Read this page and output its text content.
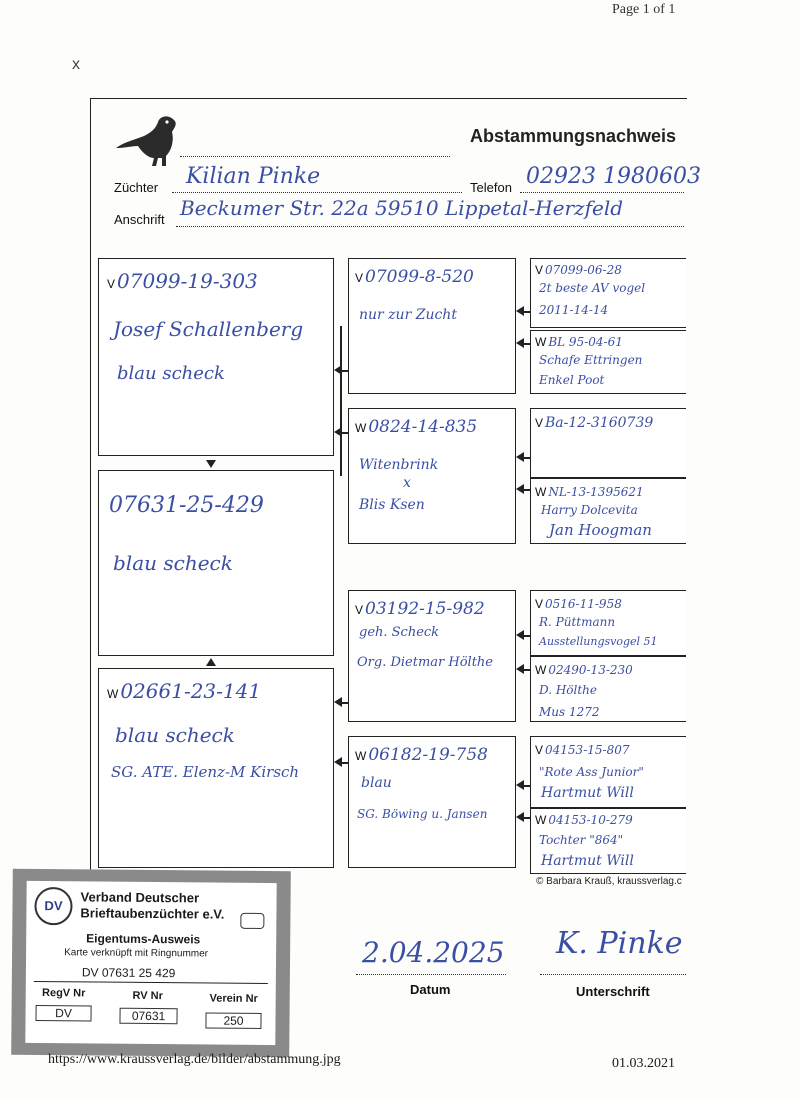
Page 1 of 1
x
Abstammungsnachweis
Züchter Kilian Pinke	Telefon 02923 1980603
Anschrift Beckumer Str. 22a 59510 Lippetal-Herzfeld
V 07099-19-303
Josef Schallenberg
blau scheck
07631-25-429
blau scheck
W 02661-23-141
blau scheck
SG. ATE. Elenz-M Kirsch
V 07099-8-520
nur zur Zucht
W 0824-14-835
Witenbrink
x
Blis Ksen
V 03192-15-982
geh. Scheck
Org. Dietmar Hölthe
W 06182-19-758
blau
SG. Böwing u. Jansen
V 07099-06-28
2t beste AV vogel
2011-14-14
W BL 95-04-61
Schafe Ettringen
Enkel Poot
V Ba-12-3160739
W NL-13-1395621
Harry Dolcevita
Jan Hoogman
V 0516-11-958
R. Püttmann
Ausstellungsvogel 51
W 02490-13-230
D. Hölthe
Mus 1272
V 04153-15-807
"Rote Ass Junior"
Hartmut Will
W 04153-10-279
Tochter "864"
Hartmut Will
© Barbara Krauß, kraussverlag.c
2.04.2025
Datum
K. Pinke
Unterschrift
DV
Verband Deutscher
Brieftaubenzüchter e.V.
Eigentums-Ausweis
Karte verknüpft mit Ringnummer
DV 07631 25 429
RegV Nr	RV Nr	Verein Nr
DV	07631	250
https://www.kraussverlag.de/bilder/abstammung.jpg	01.03.2021
